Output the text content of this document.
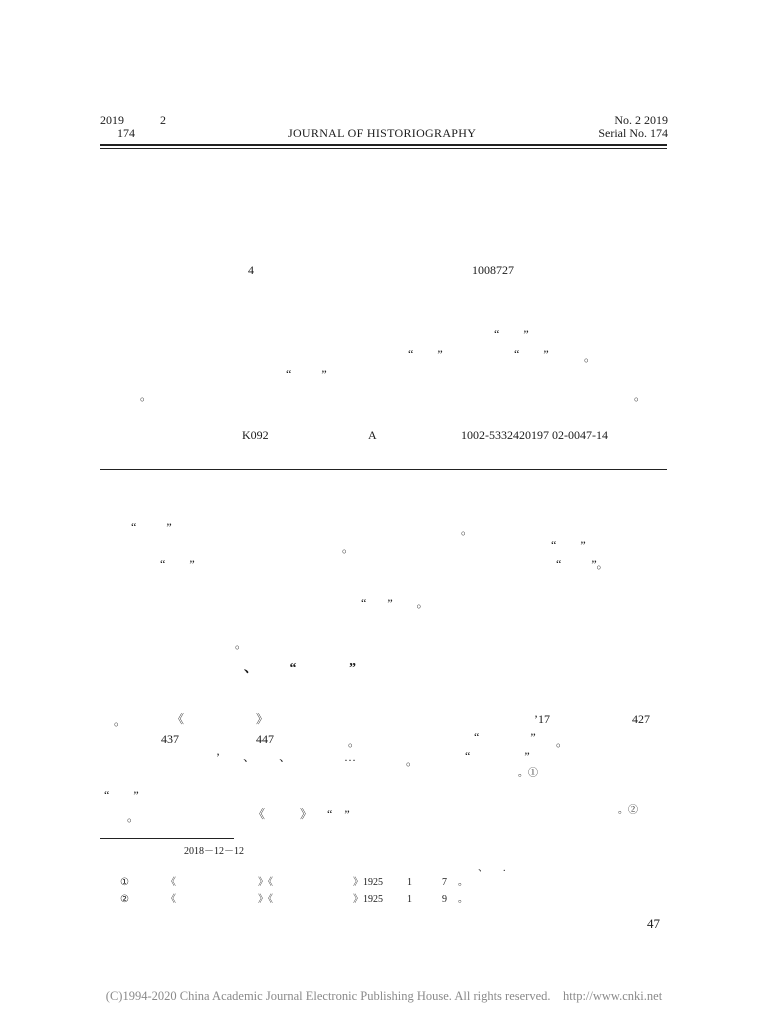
2019	2
174	JOURNAL OF HISTORIOGRAPHY
No. 2 2019
Serial No. 174
4	1008727
“        ”
“        ”	“        ”	。
“          ”
。	。
K092	A	1002-5332420197 02-0047-14
“          ”	。
。	“        ”
“        ”	“          ”。
“       ”        。
。
、         “               ”
。	《	》	’17	427
437	447	。	“                 ” 。
’        、        、	…	。	“                  ”
。①
“        ”
。	《	》 “    ”	。②
2018－12－12
、      .
①	《	》《	》1925 1	7 。
②	《	》《	》1925 1	9 。
47
(C)1994-2020 China Academic Journal Electronic Publishing House. All rights reserved.    http://www.cnki.net
